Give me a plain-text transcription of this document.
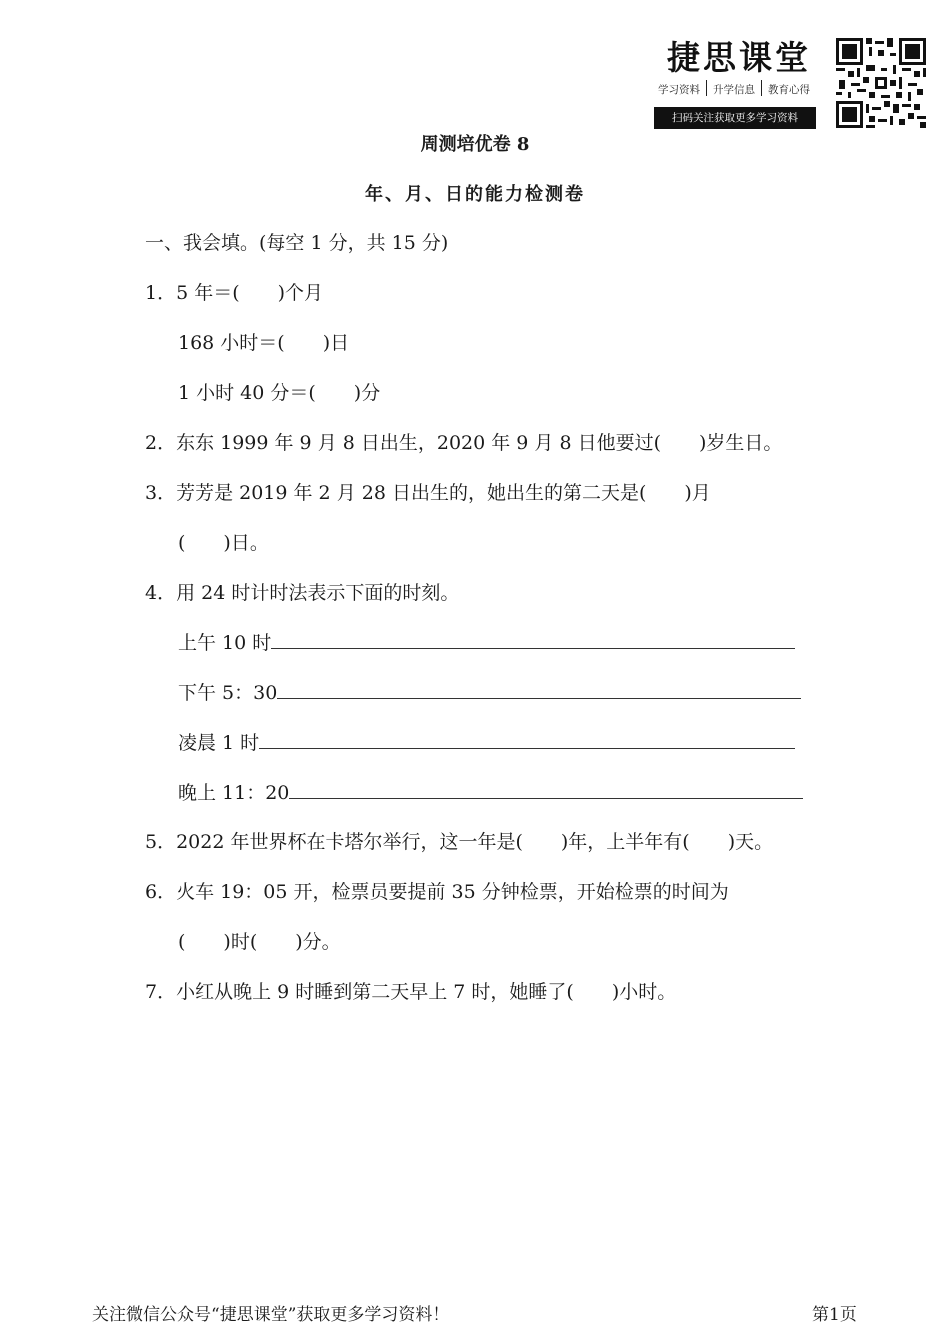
捷思课堂
学习资料 升学信息 教育心得
扫码关注获取更多学习资料
周测培优卷 8
年、月、日的能力检测卷
一、我会填。(每空 1 分，共 15 分)
1．5 年＝(　　)个月
168 小时＝(　　)日
1 小时 40 分＝(　　)分
2．东东 1999 年 9 月 8 日出生，2020 年 9 月 8 日他要过(　　)岁生日。
3．芳芳是 2019 年 2 月 28 日出生的，她出生的第二天是(　　)月
(　　)日。
4．用 24 时计时法表示下面的时刻。
上午 10 时
下午 5：30
凌晨 1 时
晚上 11：20
5．2022 年世界杯在卡塔尔举行，这一年是(　　)年，上半年有(　　)天。
6．火车 19：05 开，检票员要提前 35 分钟检票，开始检票的时间为
(　　)时(　　)分。
7．小红从晚上 9 时睡到第二天早上 7 时，她睡了(　　)小时。
关注微信公众号“捷思课堂”获取更多学习资料！	第1页
